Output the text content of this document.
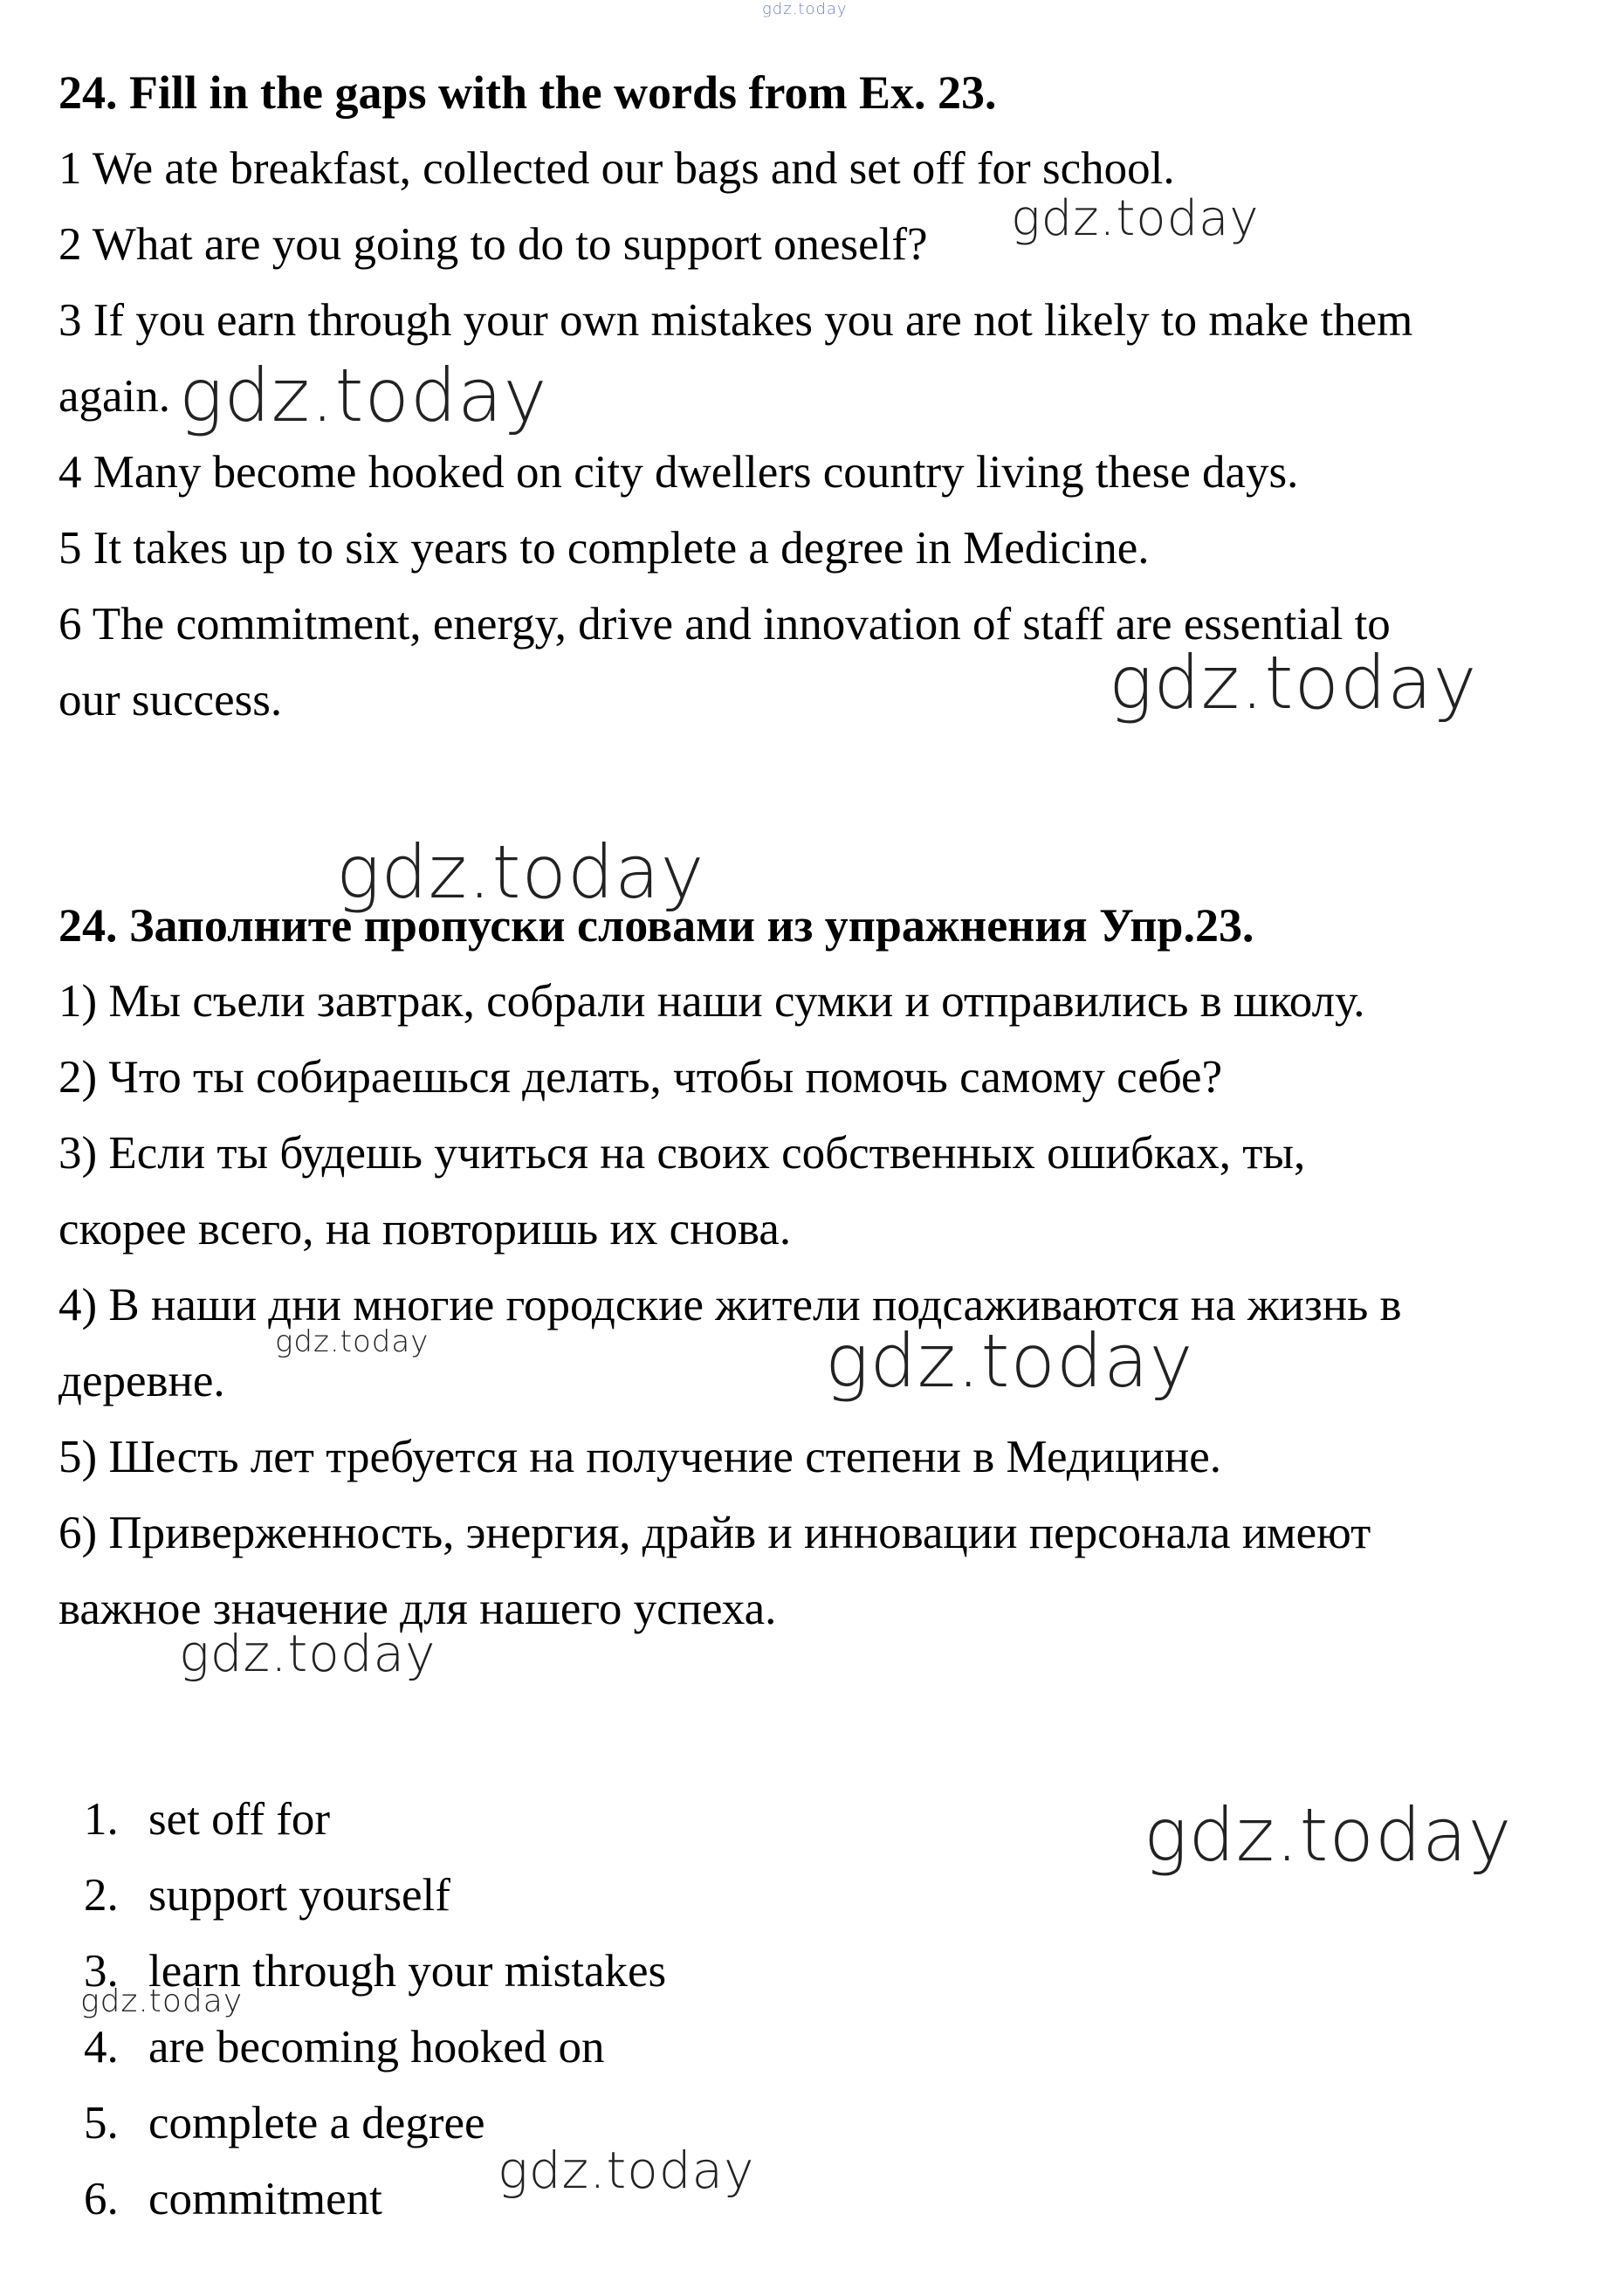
gdz.today
24. Fill in the gaps with the words from Ex. 23.
1 We ate breakfast, collected our bags and set off for school.
2 What are you going to do to support oneself?
3 If you earn through your own mistakes you are not likely to make them
again.
4 Many become hooked on city dwellers country living these days.
5 It takes up to six years to complete a degree in Medicine.
6 The commitment, energy, drive and innovation of staff are essential to
our success.
24. Заполните пропуски словами из упражнения Упр.23.
1) Мы съели завтрак, собрали наши сумки и отправились в школу.
2) Что ты собираешься делать, чтобы помочь самому себе?
3) Если ты будешь учиться на своих собственных ошибках, ты,
скорее всего, на повторишь их снова.
4) В наши дни многие городские жители подсаживаются на жизнь в
деревне.
5) Шесть лет требуется на получение степени в Медицине.
6) Приверженность, энергия, драйв и инновации персонала имеют
важное значение для нашего успеха.
1. set off for
2. support yourself
3. learn through your mistakes
4. are becoming hooked on
5. complete a degree
6. commitment
gdz.today
gdz.today
gdz.today
gdz.today
gdz.today	gdz.today
gdz.today
gdz.today
gdz.today
gdz.today
